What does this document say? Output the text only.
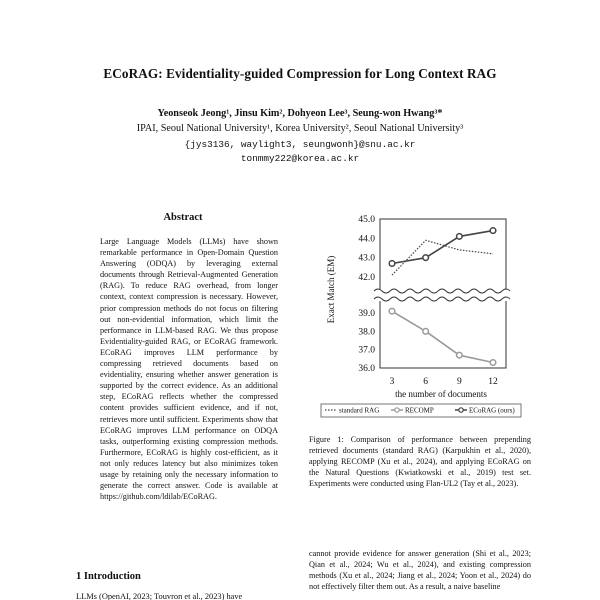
ECoRAG: Evidentiality-guided Compression for Long Context RAG
Yeonseok Jeong¹, Jinsu Kim², Dohyeon Lee³, Seung-won Hwang³*
IPAI, Seoul National University¹, Korea University², Seoul National University³
{jys3136, waylight3, seungwonh}@snu.ac.kr
tonmmy222@korea.ac.kr
Abstract
Large Language Models (LLMs) have shown remarkable performance in Open-Domain Question Answering (ODQA) by leveraging external documents through Retrieval-Augmented Generation (RAG). To reduce RAG overhead, from longer context, context compression is necessary. However, prior compression methods do not focus on filtering out non-evidential information, which limit the performance in LLM-based RAG. We thus propose Evidentiality-guided RAG, or ECoRAG framework. ECoRAG improves LLM performance by compressing retrieved documents based on evidentiality, ensuring whether answer generation is supported by the correct evidence. As an additional step, ECoRAG reflects whether the compressed content provides sufficient evidence, and if not, retrieves more until sufficient. Experiments show that ECoRAG improves LLM performance on ODQA tasks, outperforming existing compression methods. Furthermore, ECoRAG is highly cost-efficient, as it not only reduces latency but also minimizes token usage by retaining only the necessary information to generate the correct answer. Code is available at https://github.com/ldilab/ECoRAG.
1 Introduction
LLMs (OpenAI, 2023; Touvron et al., 2023) have
45.0
44.0
43.0
42.0
39.0
38.0
37.0
36.0
3	6	9	12
the number of documents
Exact Match (EM)
standard RAG	RECOMP	ECoRAG (ours)
Figure 1: Comparison of performance between prepending retrieved documents (standard RAG) (Karpukhin et al., 2020), applying RECOMP (Xu et al., 2024), and applying ECoRAG on the Natural Questions (Kwiatkowski et al., 2019) test set. Experiments were conducted using Flan-UL2 (Tay et al., 2023).
cannot provide evidence for answer generation (Shi et al., 2023; Qian et al., 2024; Wu et al., 2024), and existing compression methods (Xu et al., 2024; Jiang et al., 2024; Yoon et al., 2024) do not effectively filter them out. As a result, a naive baseline
